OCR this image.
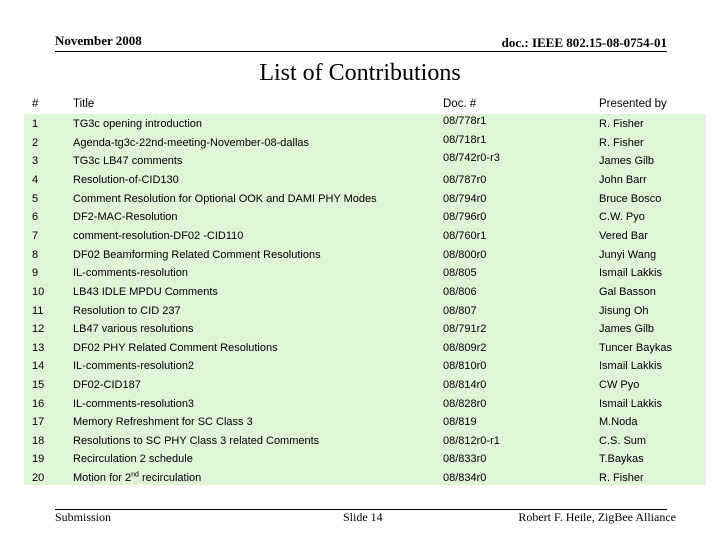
November 2008	doc.: IEEE 802.15-08-0754-01
List of Contributions
#	Title	Doc. #	Presented by
1	TG3c opening introduction	08/778r1	R. Fisher
2	Agenda-tg3c-22nd-meeting-November-08-dallas	08/718r1	R. Fisher
3	TG3c LB47 comments	08/742r0-r3	James Gilb
4	Resolution-of-CID130	08/787r0	John Barr
5	Comment Resolution for Optional OOK and DAMI PHY Modes	08/794r0	Bruce Bosco
6	DF2-MAC-Resolution	08/796r0	C.W. Pyo
7	comment-resolution-DF02 -CID110	08/760r1	Vered Bar
8	DF02 Beamforming Related Comment Resolutions	08/800r0	Junyi Wang
9	IL-comments-resolution	08/805	Ismail Lakkis
10	LB43 IDLE MPDU Comments	08/806	Gal Basson
11	Resolution to CID 237	08/807	Jisung Oh
12	LB47 various resolutions	08/791r2	James Gilb
13	DF02 PHY Related Comment Resolutions	08/809r2	Tuncer Baykas
14	IL-comments-resolution2	08/810r0	Ismail Lakkis
15	DF02-CID187	08/814r0	CW Pyo
16	IL-comments-resolution3	08/828r0	Ismail Lakkis
17	Memory Refreshment for SC Class 3	08/819	M.Noda
18	Resolutions to SC PHY Class 3 related Comments	08/812r0-r1	C.S. Sum
19	Recirculation 2 schedule	08/833r0	T.Baykas
20	Motion for 2nd recirculation	08/834r0	R. Fisher
Submission	Slide 14	Robert F. Heile, ZigBee Alliance
